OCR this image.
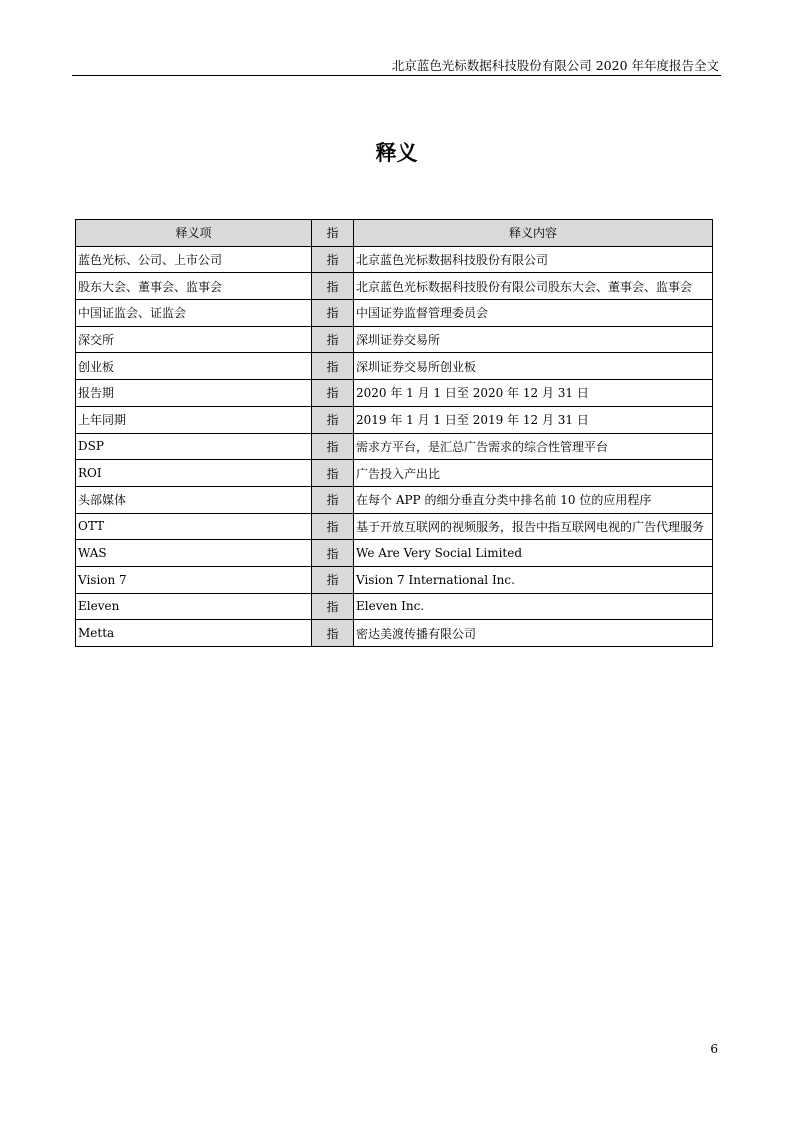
北京蓝色光标数据科技股份有限公司 2020 年年度报告全文
释义
释义项	指	释义内容
蓝色光标、公司、上市公司	指	北京蓝色光标数据科技股份有限公司
股东大会、董事会、监事会	指	北京蓝色光标数据科技股份有限公司股东大会、董事会、监事会
中国证监会、证监会	指	中国证券监督管理委员会
深交所	指	深圳证券交易所
创业板	指	深圳证券交易所创业板
报告期	指	2020 年 1 月 1 日至 2020 年 12 月 31 日
上年同期	指	2019 年 1 月 1 日至 2019 年 12 月 31 日
DSP	指	需求方平台，是汇总广告需求的综合性管理平台
ROI	指	广告投入产出比
头部媒体	指	在每个 APP 的细分垂直分类中排名前 10 位的应用程序
OTT	指	基于开放互联网的视频服务，报告中指互联网电视的广告代理服务
WAS	指	We Are Very Social Limited
Vision 7	指	Vision 7 International Inc.
Eleven	指	Eleven Inc.
Metta	指	密达美渡传播有限公司
6
